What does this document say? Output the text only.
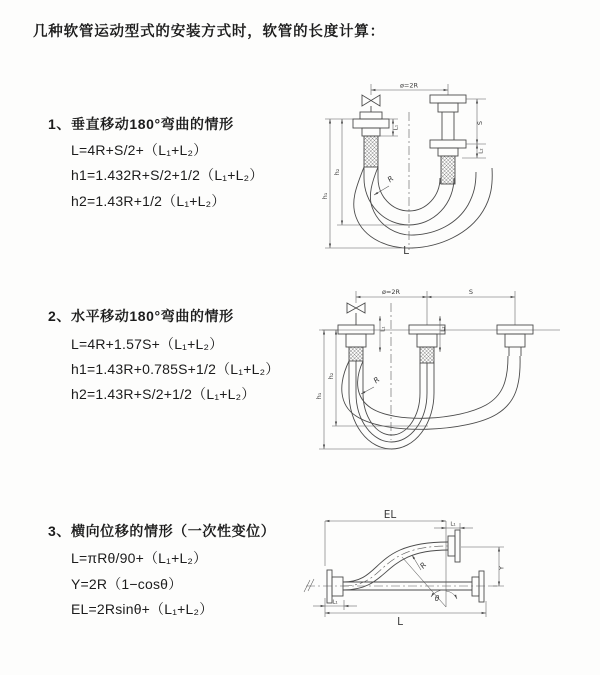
几种软管运动型式的安装方式时，软管的长度计算：
1、垂直移动180°弯曲的情形
L=4R+S/2+（L₁+L₂）
h1=1.432R+S/2+1/2（L₁+L₂）
h2=1.43R+1/2（L₁+L₂）
2、水平移动180°弯曲的情形
L=4R+1.57S+（L₁+L₂）
h1=1.43R+0.785S+1/2（L₁+L₂）
h2=1.43R+S/2+1/2（L₁+L₂）
3、横向位移的情形（一次性变位）
L=πRθ/90+（L₁+L₂）
Y=2R（1−cosθ）
EL=2Rsinθ+（L₁+L₂）
ø=2R
S
L₂
L₁
h₁
h₂
R
L
ø=2R	S
h₁
h₂
L₁	L₂
R
EL
L₁
θ
R	Y
L
L₁
